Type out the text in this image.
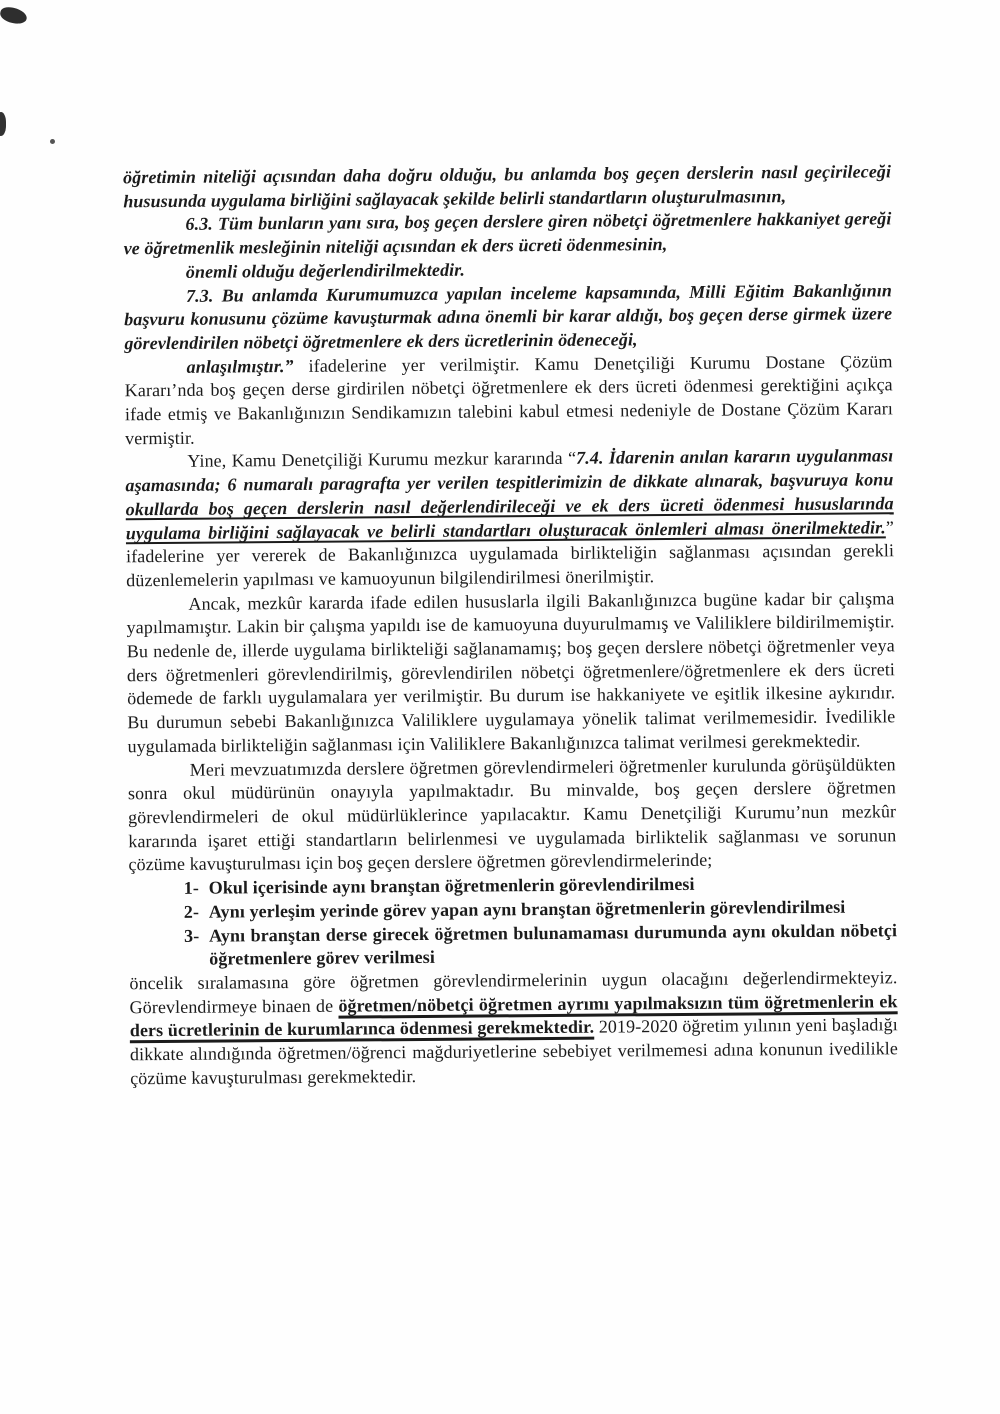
öğretimin niteliği açısından daha doğru olduğu, bu anlamda boş geçen derslerin nasıl geçirileceği hususunda uygulama birliğini sağlayacak şekilde belirli standartların oluşturulmasının,

6.3. Tüm bunların yanı sıra, boş geçen derslere giren nöbetçi öğretmenlere hakkaniyet gereği ve öğretmenlik mesleğinin niteliği açısından ek ders ücreti ödenmesinin,

önemli olduğu değerlendirilmektedir.

7.3. Bu anlamda Kurumumuzca yapılan inceleme kapsamında, Milli Eğitim Bakanlığının başvuru konusunu çözüme kavuşturmak adına önemli bir karar aldığı, boş geçen derse girmek üzere görevlendirilen nöbetçi öğretmenlere ek ders ücretlerinin ödeneceği,

anlaşılmıştır.” ifadelerine yer verilmiştir. Kamu Denetçiliği Kurumu Dostane Çözüm Kararı’nda boş geçen derse girdirilen nöbetçi öğretmenlere ek ders ücreti ödenmesi gerektiğini açıkça ifade etmiş ve Bakanlığınızın Sendikamızın talebini kabul etmesi nedeniyle de Dostane Çözüm Kararı vermiştir.

Yine, Kamu Denetçiliği Kurumu mezkur kararında “7.4. İdarenin anılan kararın uygulanması aşamasında; 6 numaralı paragrafta yer verilen tespitlerimizin de dikkate alınarak, başvuruya konu okullarda boş geçen derslerin nasıl değerlendirileceği ve ek ders ücreti ödenmesi hususlarında uygulama birliğini sağlayacak ve belirli standartları oluşturacak önlemleri alması önerilmektedir.” ifadelerine yer vererek de Bakanlığınızca uygulamada birlikteliğin sağlanması açısından gerekli düzenlemelerin yapılması ve kamuoyunun bilgilendirilmesi önerilmiştir.

Ancak, mezkûr kararda ifade edilen hususlarla ilgili Bakanlığınızca bugüne kadar bir çalışma yapılmamıştır. Lakin bir çalışma yapıldı ise de kamuoyuna duyurulmamış ve Valiliklere bildirilmemiştir. Bu nedenle de, illerde uygulama birlikteliği sağlanamamış; boş geçen derslere nöbetçi öğretmenler veya ders öğretmenleri görevlendirilmiş, görevlendirilen nöbetçi öğretmenlere/öğretmenlere ek ders ücreti ödemede de farklı uygulamalara yer verilmiştir. Bu durum ise hakkaniyete ve eşitlik ilkesine aykırıdır. Bu durumun sebebi Bakanlığınızca Valiliklere uygulamaya yönelik talimat verilmemesidir. İvedilikle uygulamada birlikteliğin sağlanması için Valiliklere Bakanlığınızca talimat verilmesi gerekmektedir.

Meri mevzuatımızda derslere öğretmen görevlendirmeleri öğretmenler kurulunda görüşüldükten sonra okul müdürünün onayıyla yapılmaktadır. Bu minvalde, boş geçen derslere öğretmen görevlendirmeleri de okul müdürlüklerince yapılacaktır. Kamu Denetçiliği Kurumu’nun mezkûr kararında işaret ettiği standartların belirlenmesi ve uygulamada birliktelik sağlanması ve sorunun çözüme kavuşturulması için boş geçen derslere öğretmen görevlendirmelerinde;

1- Okul içerisinde aynı branştan öğretmenlerin görevlendirilmesi

2- Aynı yerleşim yerinde görev yapan aynı branştan öğretmenlerin görevlendirilmesi

3- Aynı branştan derse girecek öğretmen bulunamaması durumunda aynı okuldan nöbetçi öğretmenlere görev verilmesi

öncelik sıralamasına göre öğretmen görevlendirmelerinin uygun olacağını değerlendirmekteyiz. Görevlendirmeye binaen de öğretmen/nöbetçi öğretmen ayrımı yapılmaksızın tüm öğretmenlerin ek ders ücretlerinin de kurumlarınca ödenmesi gerekmektedir. 2019-2020 öğretim yılının yeni başladığı dikkate alındığında öğretmen/öğrenci mağduriyetlerine sebebiyet verilmemesi adına konunun ivedilikle çözüme kavuşturulması gerekmektedir.
